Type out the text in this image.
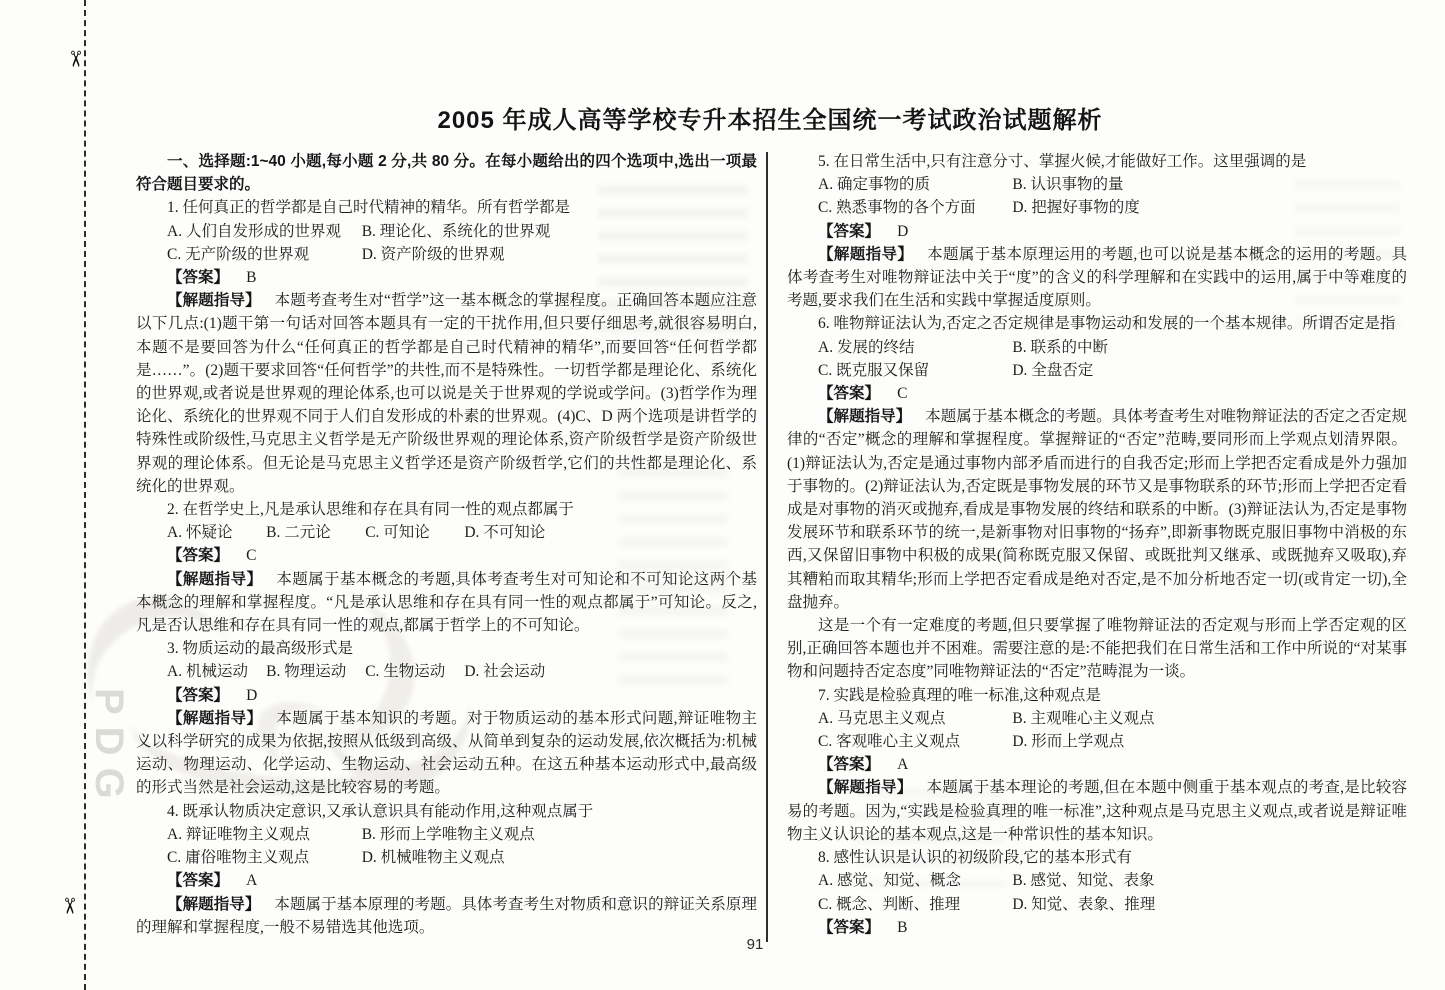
✂
✂
PDG
2005 年成人高等学校专升本招生全国统一考试政治试题解析

一、选择题:1~40 小题,每小题 2 分,共 80 分。在每小题给出的四个选项中,选出一项最符合题目要求的。

1. 任何真正的哲学都是自己时代精神的精华。所有哲学都是

A. 人们自发形成的世界观	B. 理论化、系统化的世界观
C. 无产阶级的世界观	D. 资产阶级的世界观

【答案】 B

【解题指导】 本题考查考生对“哲学”这一基本概念的掌握程度。正确回答本题应注意以下几点:(1)题干第一句话对回答本题具有一定的干扰作用,但只要仔细思考,就很容易明白,本题不是要回答为什么“任何真正的哲学都是自己时代精神的精华”,而要回答“任何哲学都是……”。(2)题干要求回答“任何哲学”的共性,而不是特殊性。一切哲学都是理论化、系统化的世界观,或者说是世界观的理论体系,也可以说是关于世界观的学说或学问。(3)哲学作为理论化、系统化的世界观不同于人们自发形成的朴素的世界观。(4)C、D 两个选项是讲哲学的特殊性或阶级性,马克思主义哲学是无产阶级世界观的理论体系,资产阶级哲学是资产阶级世界观的理论体系。但无论是马克思主义哲学还是资产阶级哲学,它们的共性都是理论化、系统化的世界观。

2. 在哲学史上,凡是承认思维和存在具有同一性的观点都属于

A. 怀疑论	B. 二元论	C. 可知论	D. 不可知论

【答案】 C

【解题指导】 本题属于基本概念的考题,具体考查考生对可知论和不可知论这两个基本概念的理解和掌握程度。“凡是承认思维和存在具有同一性的观点都属于”可知论。反之,凡是否认思维和存在具有同一性的观点,都属于哲学上的不可知论。

3. 物质运动的最高级形式是

A. 机械运动	B. 物理运动	C. 生物运动	D. 社会运动

【答案】 D

【解题指导】 本题属于基本知识的考题。对于物质运动的基本形式问题,辩证唯物主义以科学研究的成果为依据,按照从低级到高级、从简单到复杂的运动发展,依次概括为:机械运动、物理运动、化学运动、生物运动、社会运动五种。在这五种基本运动形式中,最高级的形式当然是社会运动,这是比较容易的考题。

4. 既承认物质决定意识,又承认意识具有能动作用,这种观点属于

A. 辩证唯物主义观点	B. 形而上学唯物主义观点
C. 庸俗唯物主义观点	D. 机械唯物主义观点

【答案】 A

【解题指导】 本题属于基本原理的考题。具体考查考生对物质和意识的辩证关系原理的理解和掌握程度,一般不易错选其他选项。

5. 在日常生活中,只有注意分寸、掌握火候,才能做好工作。这里强调的是

A. 确定事物的质	B. 认识事物的量
C. 熟悉事物的各个方面	D. 把握好事物的度

【答案】 D

【解题指导】 本题属于基本原理运用的考题,也可以说是基本概念的运用的考题。具体考查考生对唯物辩证法中关于“度”的含义的科学理解和在实践中的运用,属于中等难度的考题,要求我们在生活和实践中掌握适度原则。

6. 唯物辩证法认为,否定之否定规律是事物运动和发展的一个基本规律。所谓否定是指

A. 发展的终结	B. 联系的中断
C. 既克服又保留	D. 全盘否定

【答案】 C

【解题指导】 本题属于基本概念的考题。具体考查考生对唯物辩证法的否定之否定规律的“否定”概念的理解和掌握程度。掌握辩证的“否定”范畴,要同形而上学观点划清界限。(1)辩证法认为,否定是通过事物内部矛盾而进行的自我否定;形而上学把否定看成是外力强加于事物的。(2)辩证法认为,否定既是事物发展的环节又是事物联系的环节;形而上学把否定看成是对事物的消灭或抛弃,看成是事物发展的终结和联系的中断。(3)辩证法认为,否定是事物发展环节和联系环节的统一,是新事物对旧事物的“扬弃”,即新事物既克服旧事物中消极的东西,又保留旧事物中积极的成果(简称既克服又保留、或既批判又继承、或既抛弃又吸取),弃其糟粕而取其精华;形而上学把否定看成是绝对否定,是不加分析地否定一切(或肯定一切),全盘抛弃。

这是一个有一定难度的考题,但只要掌握了唯物辩证法的否定观与形而上学否定观的区别,正确回答本题也并不困难。需要注意的是:不能把我们在日常生活和工作中所说的“对某事物和问题持否定态度”同唯物辩证法的“否定”范畴混为一谈。

7. 实践是检验真理的唯一标准,这种观点是

A. 马克思主义观点	B. 主观唯心主义观点
C. 客观唯心主义观点	D. 形而上学观点

【答案】 A

【解题指导】 本题属于基本理论的考题,但在本题中侧重于基本观点的考查,是比较容易的考题。因为,“实践是检验真理的唯一标准”,这种观点是马克思主义观点,或者说是辩证唯物主义认识论的基本观点,这是一种常识性的基本知识。

8. 感性认识是认识的初级阶段,它的基本形式有

A. 感觉、知觉、概念	B. 感觉、知觉、表象
C. 概念、判断、推理	D. 知觉、表象、推理

【答案】 B

91
